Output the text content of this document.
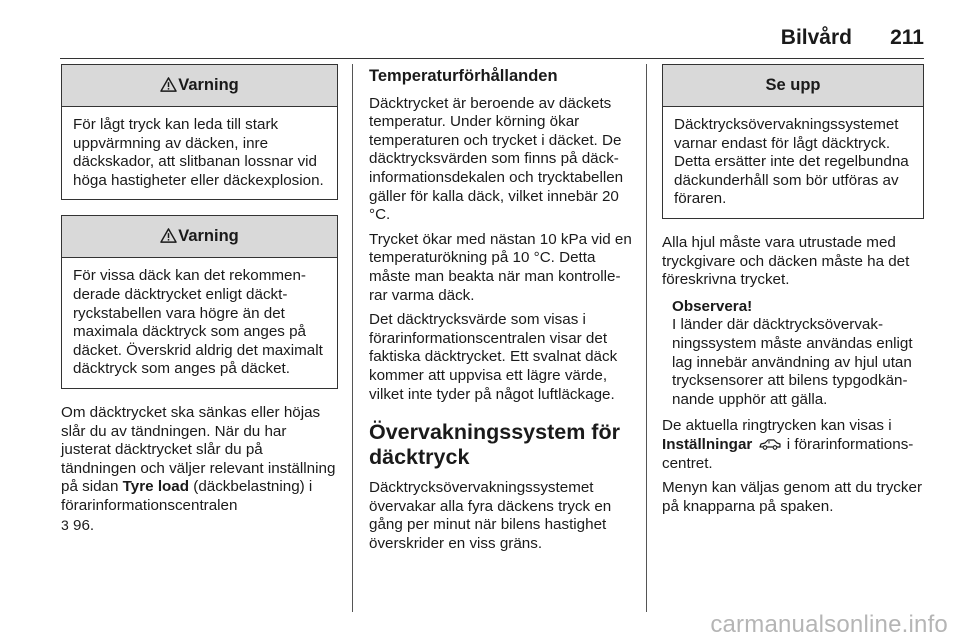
Bilvård 211
Varning
För lågt tryck kan leda till stark uppvärmning av däcken, inre däckskador, att slitbanan lossnar vid höga hastigheter eller däckexplosion.
Varning
För vissa däck kan det rekommenderade däcktrycket enligt däcktryckstabellen vara högre än det maximala däcktryck som anges på däcket. Överskrid aldrig det maximalt däcktryck som anges på däcket.

Om däcktrycket ska sänkas eller höjas slår du av tändningen. När du har justerat däcktrycket slår du på tändningen och väljer relevant inställning på sidan Tyre load (däckbelastning) i förarinformationscentralen
3 96.

Temperaturförhållanden

Däcktrycket är beroende av däckets temperatur. Under körning ökar temperaturen och trycket i däcket. De däcktrycksvärden som finns på däckinformationsdekalen och trycktabellen gäller för kalla däck, vilket innebär 20 °C.

Trycket ökar med nästan 10 kPa vid en temperaturökning på 10 °C. Detta måste man beakta när man kontrollerar varma däck.

Det däcktrycksvärde som visas i förarinformationscentralen visar det faktiska däcktrycket. Ett svalnat däck kommer att uppvisa ett lägre värde, vilket inte tyder på något luftläckage.

Övervakningssystem för däcktryck

Däcktrycksövervakningssystemet övervakar alla fyra däckens tryck en gång per minut när bilens hastighet överskrider en viss gräns.

Se upp
Däcktrycksövervakningssystemet varnar endast för lågt däcktryck. Detta ersätter inte det regelbundna däckunderhåll som bör utföras av föraren.

Alla hjul måste vara utrustade med tryckgivare och däcken måste ha det föreskrivna trycket.

Observera!
I länder där däcktrycksövervakningssystem måste användas enligt lag innebär användning av hjul utan trycksensorer att bilens typgodkännande upphör att gälla.

De aktuella ringtrycken kan visas i Inställningar  i förarinformationscentret.

Menyn kan väljas genom att du trycker på knapparna på spaken.

carmanualsonline.info
